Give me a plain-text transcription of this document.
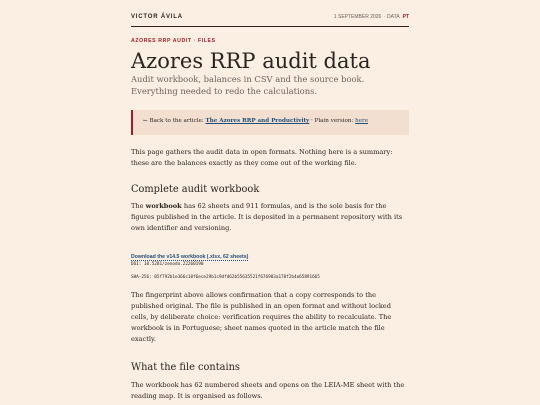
VICTOR ÁVILA	1 SEPTEMBER 2026 · DATA PT
AZORES RRP AUDIT · FILES
Azores RRP audit data
Audit workbook, balances in CSV and the source book. Everything needed to redo the calculations.
← Back to the article: The Azores RRP and Productivity · Plain version: here
This page gathers the audit data in open formats. Nothing here is a summary: these are the balances exactly as they come out of the working file.
Complete audit workbook
The workbook has 62 sheets and 911 formulas, and is the sole basis for the figures published in the article. It is deposited in a permanent repository with its own identifier and versioning.
Download the v14.5 workbook (.xlsx, 62 sheets)
DOI: 10.5281/zenodo.22260190
SHA-256: 05f792b1e366c10f6ece29b1c9dfd62b55635521f676983a170f2b4e65891665
The fingerprint above allows confirmation that a copy corresponds to the published original. The file is published in an open format and without locked cells, by deliberate choice: verification requires the ability to recalculate. The workbook is in Portuguese; sheet names quoted in the article match the file exactly.
What the file contains
The workbook has 62 numbered sheets and opens on the LEIA-ME sheet with the reading map. It is organised as follows.
